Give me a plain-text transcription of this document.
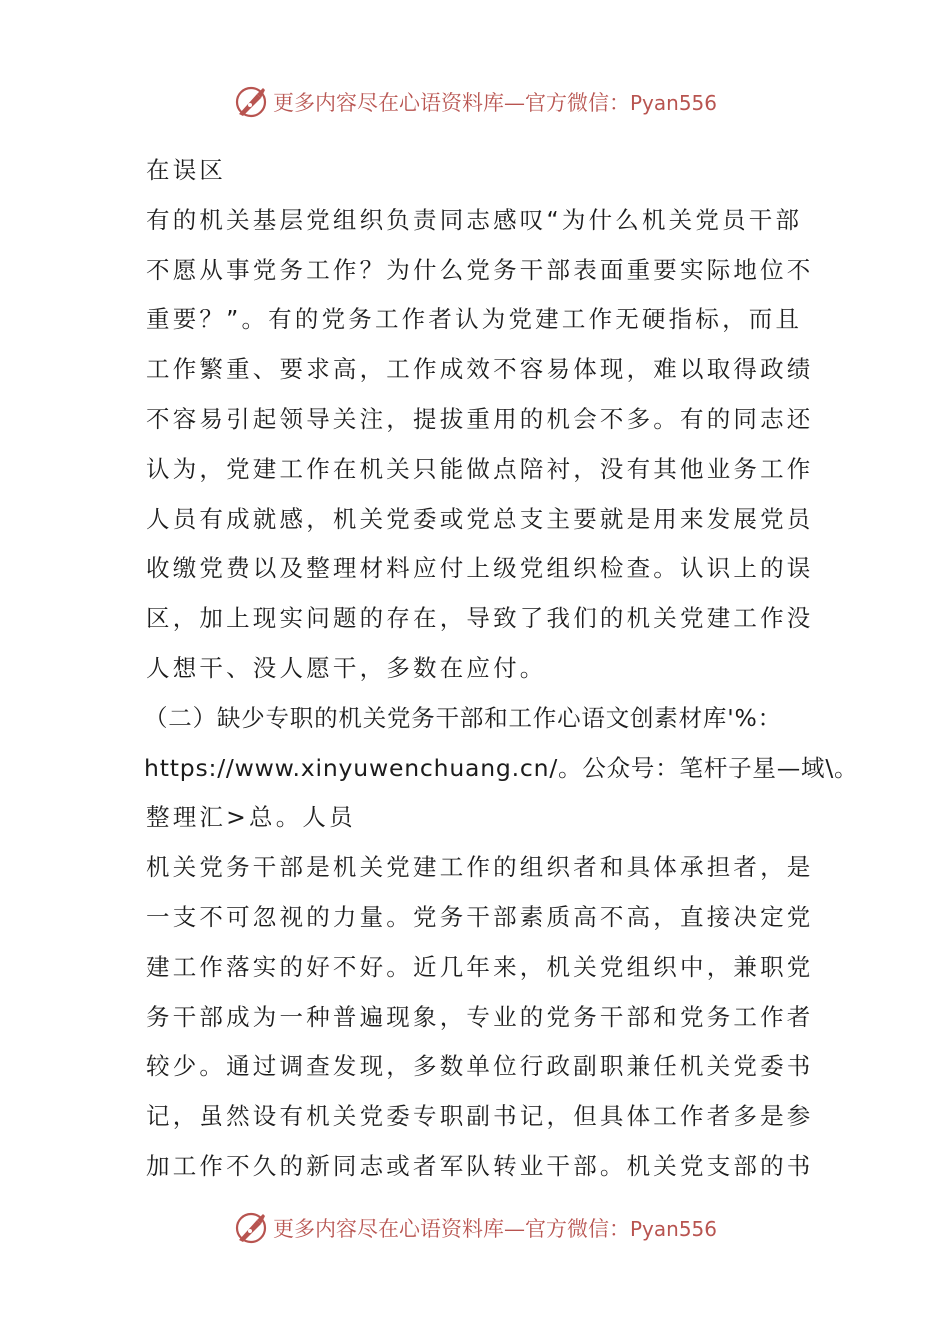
更多内容尽在心语资料库—官方微信：Pyan556
在误区
有的机关基层党组织负责同志感叹“为什么机关党员干部
不愿从事党务工作？为什么党务干部表面重要实际地位不
重要？”。有的党务工作者认为党建工作无硬指标，而且
工作繁重、要求高，工作成效不容易体现，难以取得政绩
不容易引起领导关注，提拔重用的机会不多。有的同志还
认为，党建工作在机关只能做点陪衬，没有其他业务工作
人员有成就感，机关党委或党总支主要就是用来发展党员
收缴党费以及整理材料应付上级党组织检查。认识上的误
区，加上现实问题的存在，导致了我们的机关党建工作没
人想干、没人愿干，多数在应付。
（二）缺少专职的机关党务干部和工作心语文创素材库'%：
https://www.xinyuwenchuang.cn/。公众号：笔杆子星—域\。
整理汇>总。人员
机关党务干部是机关党建工作的组织者和具体承担者，是
一支不可忽视的力量。党务干部素质高不高，直接决定党
建工作落实的好不好。近几年来，机关党组织中，兼职党
务干部成为一种普遍现象，专业的党务干部和党务工作者
较少。通过调查发现，多数单位行政副职兼任机关党委书
记，虽然设有机关党委专职副书记，但具体工作者多是参
加工作不久的新同志或者军队转业干部。机关党支部的书
更多内容尽在心语资料库—官方微信：Pyan556
